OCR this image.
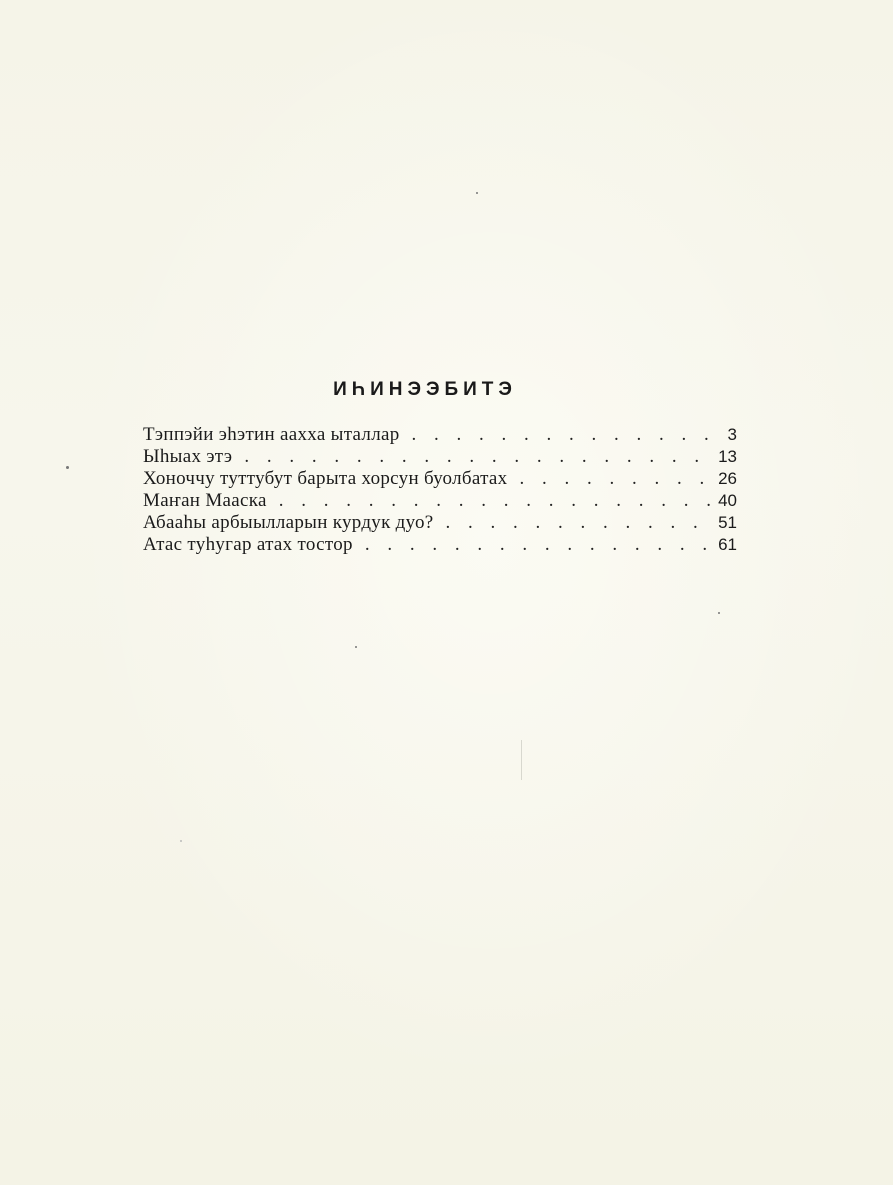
ИҺИНЭЭБИТЭ
Тэппэйи эһэтин аахха ыталлар . . .	3
Ыһыах этэ . . .	13
Хоноччу туттубут барыта хорсун буолбатах . . .	26
Маҥан Мааска . . .	40
Абааһы арбыылларын курдук дуо? . . .	51
Атас туһугар атах тостор . . .	61
